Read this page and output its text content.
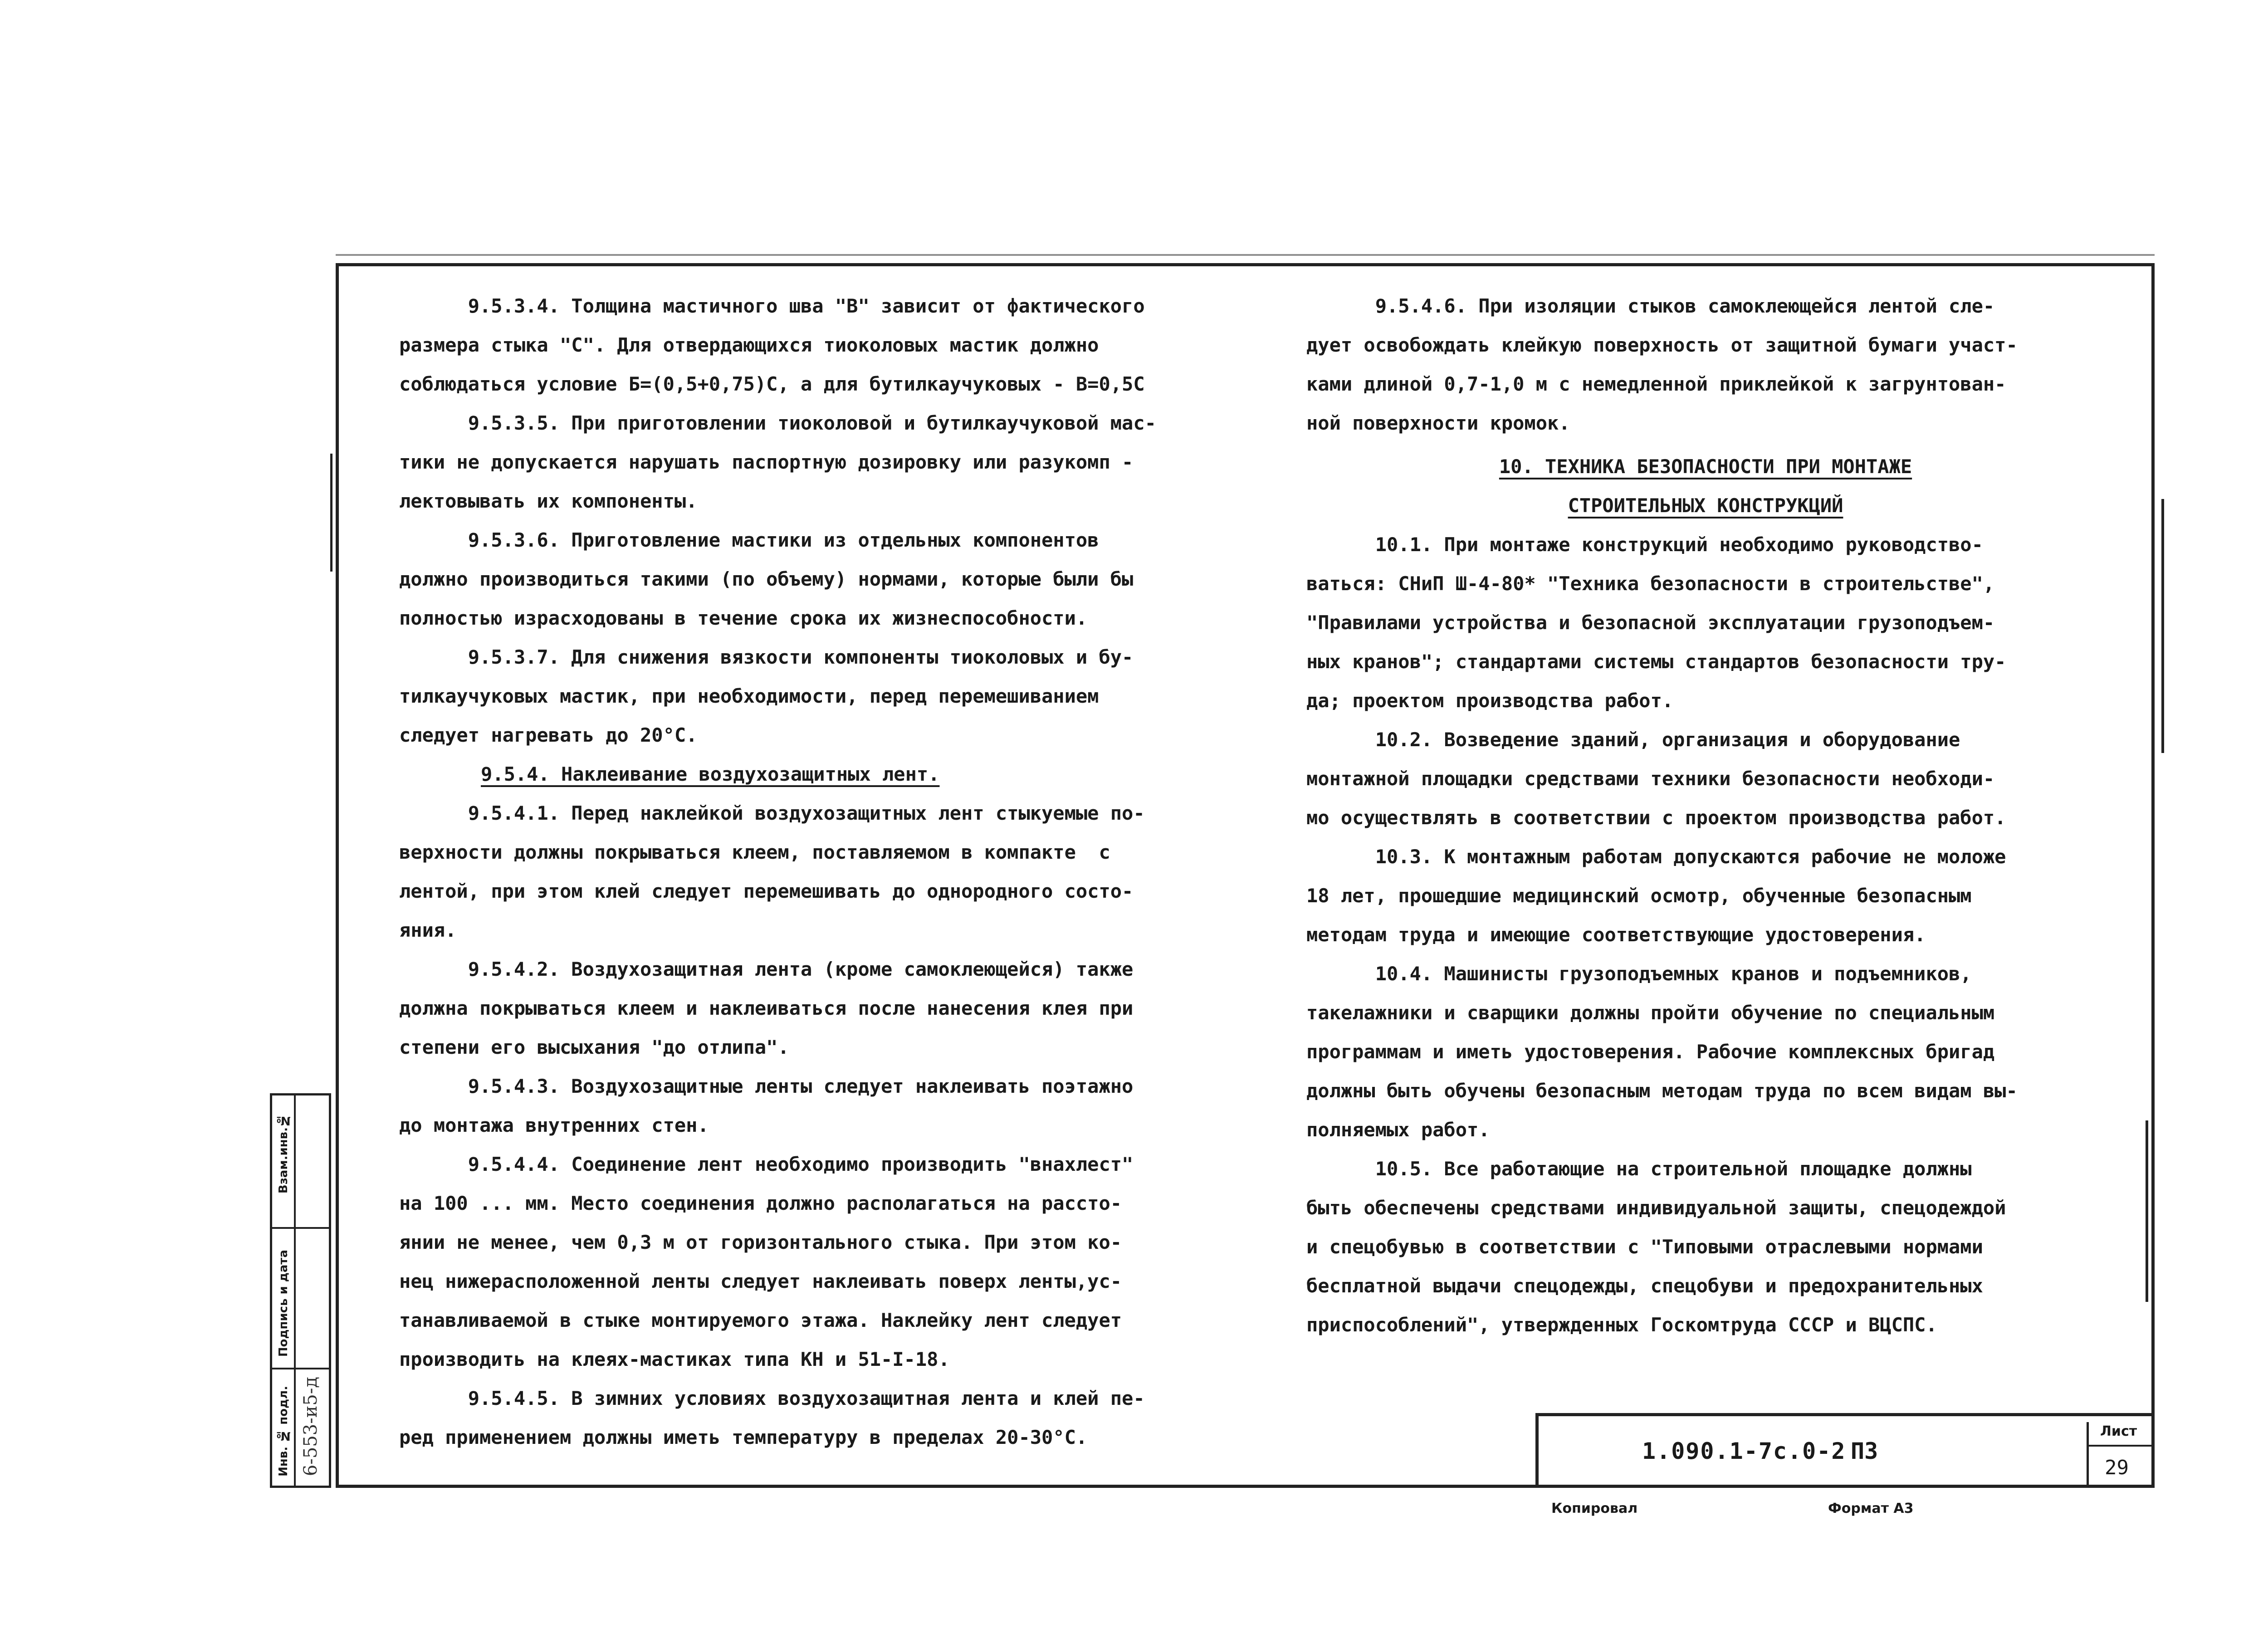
9.5.3.4. Толщина мастичного шва "В" зависит от фактического

размера стыка "С". Для отвердающихся тиоколовых мастик должно

соблюдаться условие Б=(0,5+0,75)С, а для бутилкаучуковых - В=0,5С

9.5.3.5. При приготовлении тиоколовой и бутилкаучуковой мас-

тики не допускается нарушать паспортную дозировку или разукомп -

лектовывать их компоненты.

9.5.3.6. Приготовление мастики из отдельных компонентов

должно производиться такими (по объему) нормами, которые были бы

полностью израсходованы в течение срока их жизнеспособности.

9.5.3.7. Для снижения вязкости компоненты тиоколовых и бу-

тилкаучуковых мастик, при необходимости, перед перемешиванием

следует нагревать до 20°С.

9.5.4. Наклеивание воздухозащитных лент.

9.5.4.1. Перед наклейкой воздухозащитных лент стыкуемые по-

верхности должны покрываться клеем, поставляемом в компакте  с

лентой, при этом клей следует перемешивать до однородного состо-

яния.

9.5.4.2. Воздухозащитная лента (кроме самоклеющейся) также

должна покрываться клеем и наклеиваться после нанесения клея при

степени его высыхания "до отлипа".

9.5.4.3. Воздухозащитные ленты следует наклеивать поэтажно

до монтажа внутренних стен.

9.5.4.4. Соединение лент необходимо производить "внахлест"

на 100 ... мм. Место соединения должно располагаться на рассто-

янии не менее, чем 0,3 м от горизонтального стыка. При этом ко-

нец нижерасположенной ленты следует наклеивать поверх ленты,ус-

танавливаемой в стыке монтируемого этажа. Наклейку лент следует

производить на клеях-мастиках типа КН и 51-I-18.

9.5.4.5. В зимних условиях воздухозащитная лента и клей пе-

ред применением должны иметь температуру в пределах 20-30°С.

9.5.4.6. При изоляции стыков самоклеющейся лентой сле-

дует освобождать клейкую поверхность от защитной бумаги участ-

ками длиной 0,7-1,0 м с немедленной приклейкой к загрунтован-

ной поверхности кромок.

10. ТЕХНИКА БЕЗОПАСНОСТИ ПРИ МОНТАЖЕ

СТРОИТЕЛЬНЫХ КОНСТРУКЦИЙ

10.1. При монтаже конструкций необходимо руководство-

ваться: СНиП Ш-4-80* "Техника безопасности в строительстве",

"Правилами устройства и безопасной эксплуатации грузоподъем-

ных кранов"; стандартами системы стандартов безопасности тру-

да; проектом производства работ.

10.2. Возведение зданий, организация и оборудование

монтажной площадки средствами техники безопасности необходи-

мо осуществлять в соответствии с проектом производства работ.

10.3. К монтажным работам допускаются рабочие не моложе

18 лет, прошедшие медицинский осмотр, обученные безопасным

методам труда и имеющие соответствующие удостоверения.

10.4. Машинисты грузоподъемных кранов и подъемников,

такелажники и сварщики должны пройти обучение по специальным

программам и иметь удостоверения. Рабочие комплексных бригад

должны быть обучены безопасным методам труда по всем видам вы-

полняемых работ.

10.5. Все работающие на строительной площадке должны

быть обеспечены средствами индивидуальной защиты, спецодеждой

и спецобувью в соответствии с "Типовыми отраслевыми нормами

бесплатной выдачи спецодежды, спецобуви и предохранительных

приспособлений", утвержденных Госкомтруда СССР и ВЦСПС.

Взам.инв.№
Подпись и дата
Инв. № подл. 6-553-и5-д	1.090.1-7с.0-2 ПЗ
Лист
29
Копировал	Формат А3
